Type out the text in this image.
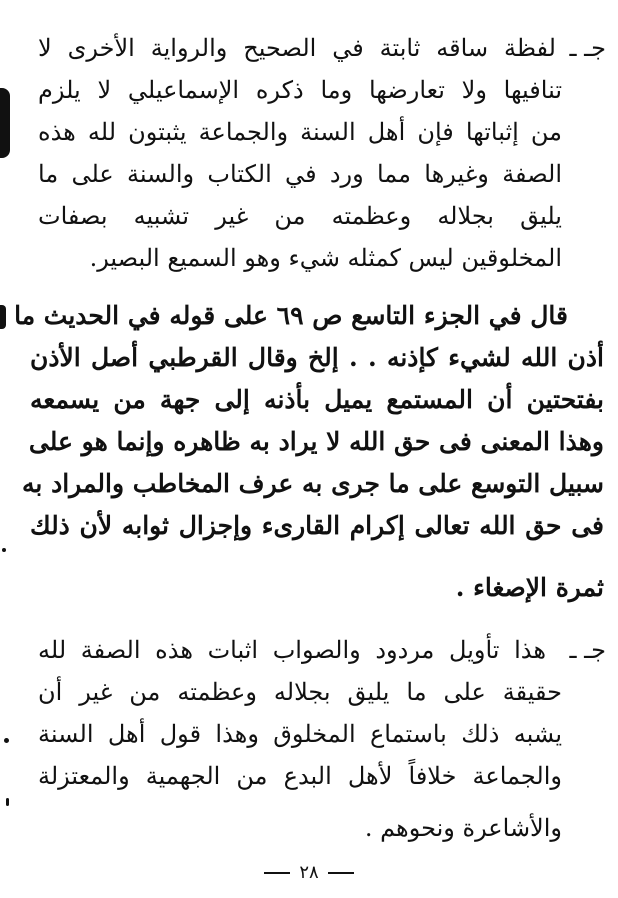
جـ ـ
لفظة ساقه ثابتة في الصحيح والرواية الأخرى لا
تنافيها ولا تعارضها وما ذكره الإسماعيلي لا يلزم
من إثباتها فإن أهل السنة والجماعة يثبتون لله هذه
الصفة وغيرها مما ورد في الكتاب والسنة على ما
يليق بجلاله وعظمته من غير تشبيه بصفات
المخلوقين ليس كمثله شيء وهو السميع البصير.
قال في الجزء التاسع ص ٦٩ على قوله في الحديث ما
أذن الله لشيء كإذنه . . إلخ وقال القرطبي أصل الأذن
بفتحتين أن المستمع يميل بأذنه إلى جهة من يسمعه
وهذا المعنى فى حق الله لا يراد به ظاهره وإنما هو على
سبيل التوسع على ما جرى به عرف المخاطب والمراد به
فى حق الله تعالى إكرام القارىء وإجزال ثوابه لأن ذلك
ثمرة الإصغاء .
جـ ـ
هذا تأويل مردود والصواب اثبات هذه الصفة لله
حقيقة على ما يليق بجلاله وعظمته من غير أن
يشبه ذلك باستماع المخلوق وهذا قول أهل السنة
والجماعة خلافاً لأهل البدع من الجهمية والمعتزلة
والأشاعرة ونحوهم .
٢٨
